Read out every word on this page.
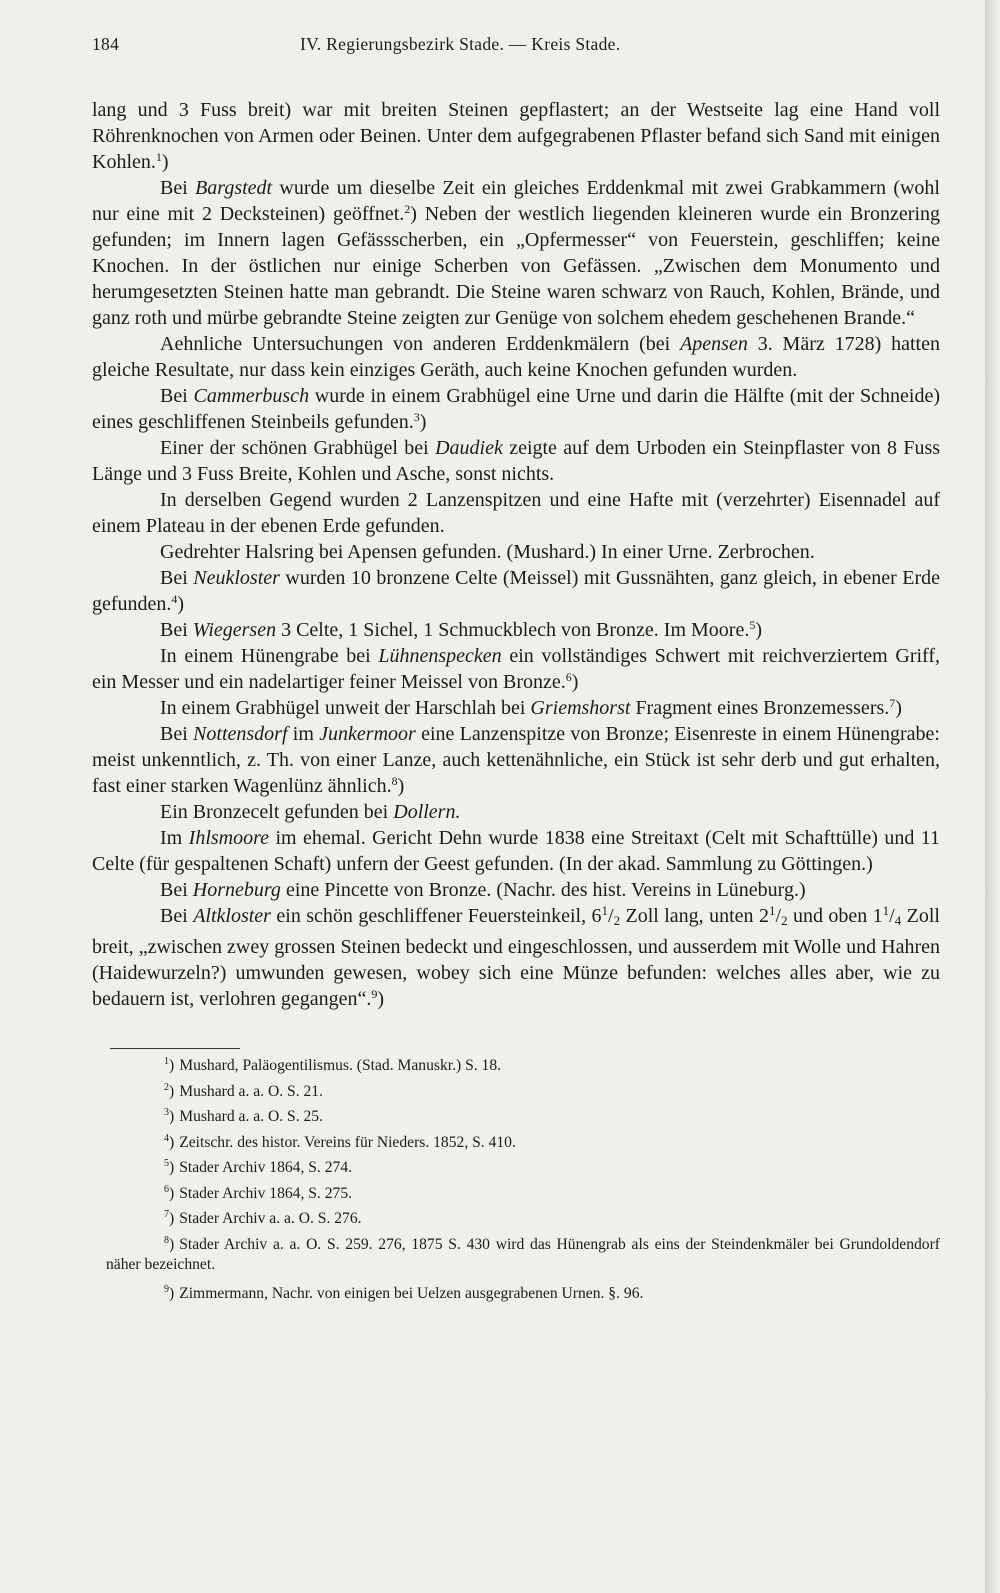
184	IV. Regierungsbezirk Stade. — Kreis Stade.

lang und 3 Fuss breit) war mit breiten Steinen gepflastert; an der Westseite lag eine Hand voll Röhrenknochen von Armen oder Beinen. Unter dem aufgegrabenen Pflaster befand sich Sand mit einigen Kohlen.$^1$)

Bei Bargstedt wurde um dieselbe Zeit ein gleiches Erddenkmal mit zwei Grabkammern (wohl nur eine mit 2 Decksteinen) geöffnet.$^2$) Neben der westlich liegenden kleineren wurde ein Bronzering gefunden; im Innern lagen Gefässscherben, ein „Opfermesser“ von Feuerstein, geschliffen; keine Knochen. In der östlichen nur einige Scherben von Gefässen. „Zwischen dem Monumento und herumgesetzten Steinen hatte man gebrandt. Die Steine waren schwarz von Rauch, Kohlen, Brände, und ganz roth und mürbe gebrandte Steine zeigten zur Genüge von solchem ehedem geschehenen Brande.“

Aehnliche Untersuchungen von anderen Erddenkmälern (bei Apensen 3. März 1728) hatten gleiche Resultate, nur dass kein einziges Geräth, auch keine Knochen gefunden wurden.

Bei Cammerbusch wurde in einem Grabhügel eine Urne und darin die Hälfte (mit der Schneide) eines geschliffenen Steinbeils gefunden.$^3$)

Einer der schönen Grabhügel bei Daudiek zeigte auf dem Urboden ein Steinpflaster von 8 Fuss Länge und 3 Fuss Breite, Kohlen und Asche, sonst nichts.

In derselben Gegend wurden 2 Lanzenspitzen und eine Hafte mit (verzehrter) Eisennadel auf einem Plateau in der ebenen Erde gefunden.

Gedrehter Halsring bei Apensen gefunden. (Mushard.) In einer Urne. Zerbrochen.

Bei Neukloster wurden 10 bronzene Celte (Meissel) mit Gussnähten, ganz gleich, in ebener Erde gefunden.$^4$)

Bei Wiegersen 3 Celte, 1 Sichel, 1 Schmuckblech von Bronze. Im Moore.$^5$)

In einem Hünengrabe bei Lühnenspecken ein vollständiges Schwert mit reichverziertem Griff, ein Messer und ein nadelartiger feiner Meissel von Bronze.$^6$)

In einem Grabhügel unweit der Harschlah bei Griemshorst Fragment eines Bronzemessers.$^7$)

Bei Nottensdorf im Junkermoor eine Lanzenspitze von Bronze; Eisenreste in einem Hünengrabe: meist unkenntlich, z. Th. von einer Lanze, auch kettenähnliche, ein Stück ist sehr derb und gut erhalten, fast einer starken Wagenlünz ähnlich.$^8$)

Ein Bronzecelt gefunden bei Dollern.

Im Ihlsmoore im ehemal. Gericht Dehn wurde 1838 eine Streitaxt (Celt mit Schafttülle) und 11 Celte (für gespaltenen Schaft) unfern der Geest gefunden. (In der akad. Sammlung zu Göttingen.)

Bei Horneburg eine Pincette von Bronze. (Nachr. des hist. Vereins in Lüneburg.)

Bei Altkloster ein schön geschliffener Feuersteinkeil, $6^1/_2$ Zoll lang, unten $2^1/_2$ und oben $1^1/_4$ Zoll breit, „zwischen zwey grossen Steinen bedeckt und eingeschlossen, und ausserdem mit Wolle und Hahren (Haidewurzeln?) umwunden gewesen, wobey sich eine Münze befunden: welches alles aber, wie zu bedauern ist, verlohren gegangen“.$^9$)

$^1$) Mushard, Paläogentilismus. (Stad. Manuskr.) S. 18.
$^2$) Mushard a. a. O. S. 21.
$^3$) Mushard a. a. O. S. 25.
$^4$) Zeitschr. des histor. Vereins für Nieders. 1852, S. 410.
$^5$) Stader Archiv 1864, S. 274.
$^6$) Stader Archiv 1864, S. 275.
$^7$) Stader Archiv a. a. O. S. 276.
$^8$) Stader Archiv a. a. O. S. 259. 276, 1875 S. 430 wird das Hünengrab als eins der Steindenkmäler bei Grundoldendorf näher bezeichnet.
$^9$) Zimmermann, Nachr. von einigen bei Uelzen ausgegrabenen Urnen. §. 96.
